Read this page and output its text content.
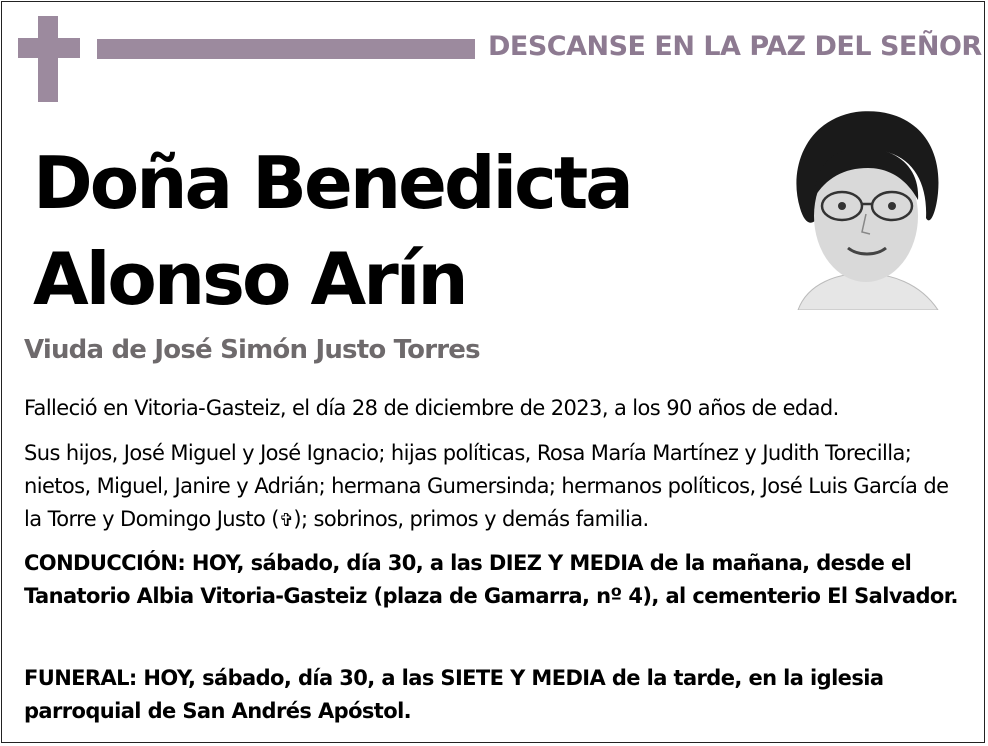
DESCANSE EN LA PAZ DEL SEÑOR
Doña Benedicta
Alonso Arín
Viuda de José Simón Justo Torres

Falleció en Vitoria-Gasteiz, el día 28 de diciembre de 2023, a los 90 años de edad.

Sus hijos, José Miguel y José Ignacio; hijas políticas, Rosa María Martínez y Judith Torecilla; nietos, Miguel, Janire y Adrián; hermana Gumersinda; hermanos políticos, José Luis García de la Torre y Domingo Justo (✞); sobrinos, primos y demás familia.

CONDUCCIÓN: HOY, sábado, día 30, a las DIEZ Y MEDIA de la mañana, desde el Tanatorio Albia Vitoria-Gasteiz (plaza de Gamarra, nº 4), al cementerio El Salvador.

FUNERAL: HOY, sábado, día 30, a las SIETE Y MEDIA de la tarde, en la iglesia parroquial de San Andrés Apóstol.
